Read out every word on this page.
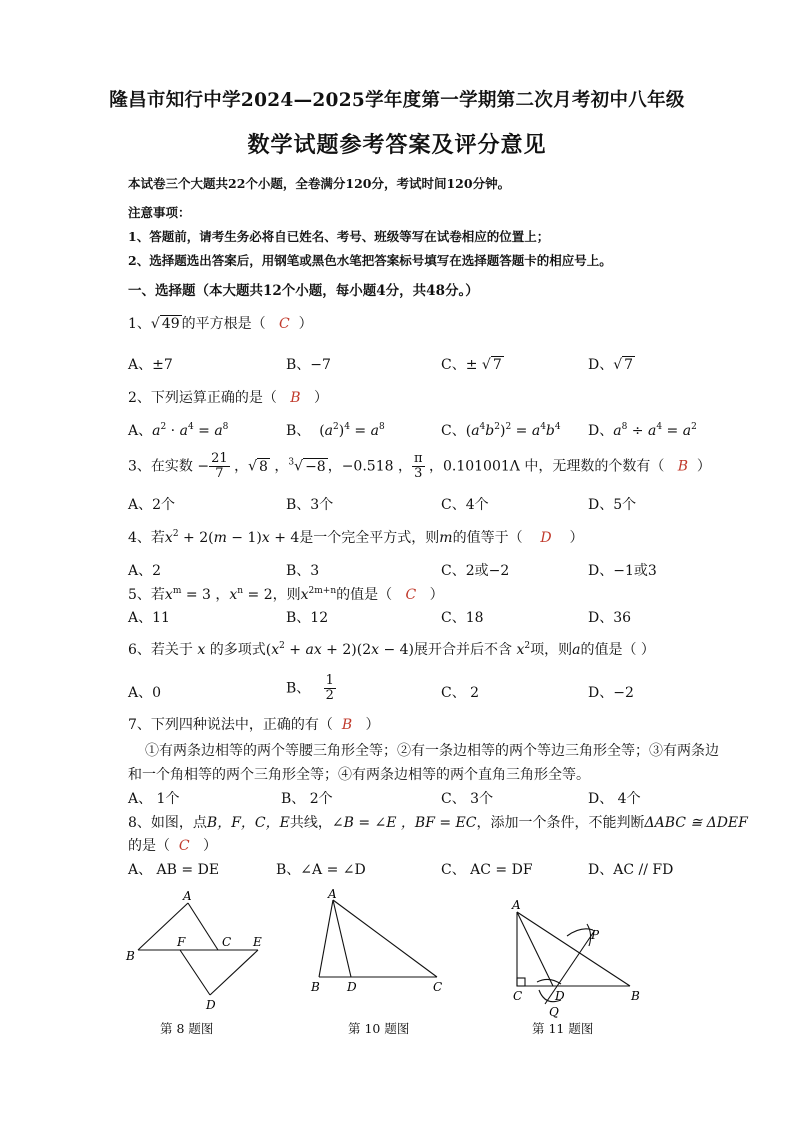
隆昌市知行中学2024—2025学年度第一学期第二次月考初中八年级
数学试题参考答案及评分意见
本试卷三个大题共22个小题，全卷满分120分，考试时间120分钟。
注意事项：
1、答题前，请考生务必将自已姓名、考号、班级等写在试卷相应的位置上；
2、选择题选出答案后，用钢笔或黑色水笔把答案标号填写在选择题答题卡的相应号上。
一、选择题（本大题共12个小题，每小题4分，共48分。）
1、√ 49 的平方根是（ C ）
A、±7	B、−7	C、± √ 7	D、√ 7
2、下列运算正确的是（ B ）
A、$a^2 \cdot a^4 = a^8$	B、  $(a^2)^4 = a^8$	C、$(a^4b^2)^2 = a^4b^4$ D、$a^8 \div a^4 = a^2$
3、在实数 − $\frac{21}{7}$ ，√ 8 ，$^3$√ −8 ，−0.518 ， $\frac{\pi}{3}$ ，0.101001Λ 中，无理数的个数有（ B ）
A、2个	B、3个	C、4个	D、5个
4、若$x^2 + 2(m - 1)x + 4$是一个完全平方式，则m的值等于（ D ）
A、2	B、3	C、2或−2	D、−1或3
5、若$x^m = 3$ ，$x^n = 2$，则$x^{2m+n}$的值是（ C ）
A、11	B、12	C、18	D、36
6、若关于 x 的多项式($x^2$ + ax + 2)(2x − 4)展开合并后不含 $x^2$项，则a的值是（ ）
A、0	B、 $\frac{1}{2}$	C、 2	D、−2
7、下列四种说法中，正确的有（ B ）
①有两条边相等的两个等腰三角形全等；②有一条边相等的两个等边三角形全等；③有两条边
和一个角相等的两个三角形全等；④有两条边相等的两个直角三角形全等。
A、 1个	B、 2个	C、 3个	D、 4个
8、如图，点B，F，C，E共线，∠B = ∠E ，BF = EC，添加一个条件，不能判断ΔABC ≅ ΔDEF
的是（ C ）
A、 AB = DE	B、∠A = ∠D	C、 AC = DF	D、AC // FD
A
B
F	C E
D
第 8 题图
A
B D	C
第 10 题图
A
P
C	D	B
Q
第 11 题图
